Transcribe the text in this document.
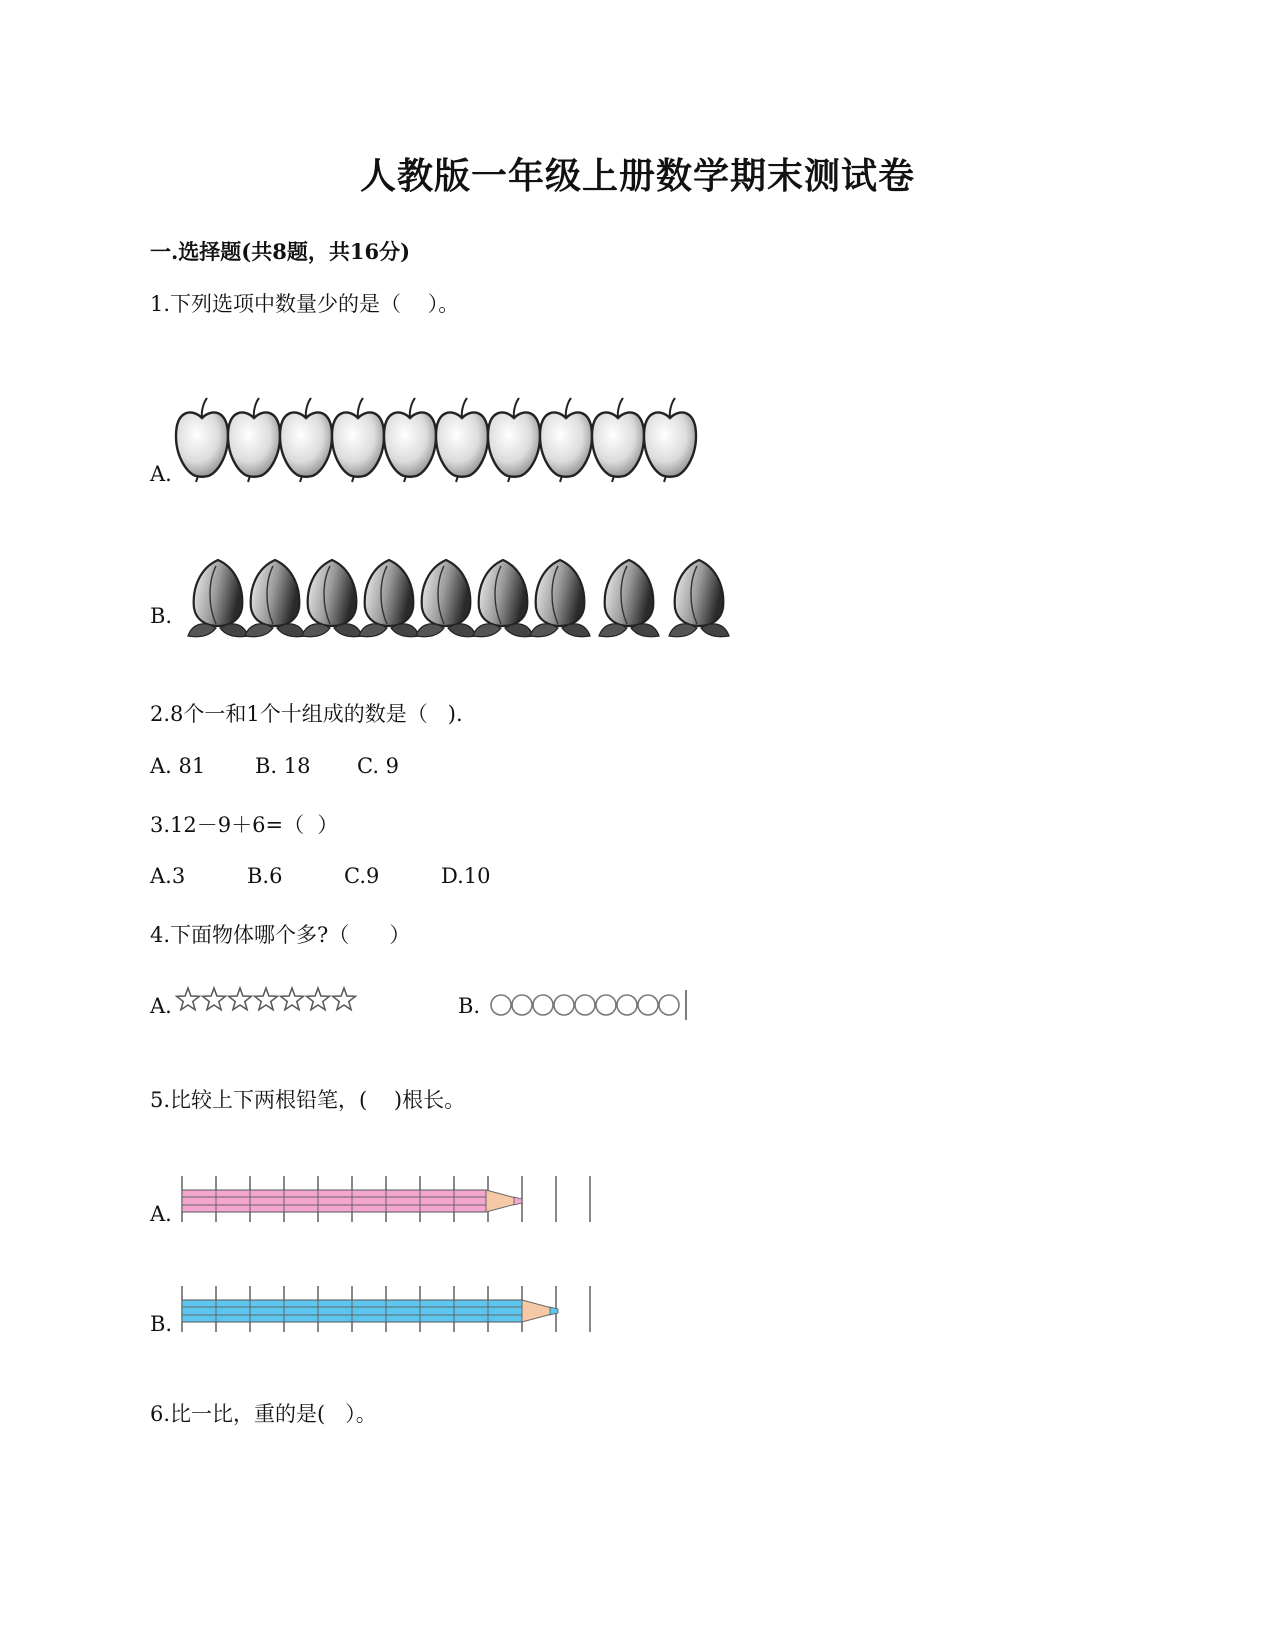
人教版一年级上册数学期末测试卷
一.选择题(共8题，共16分)
1.下列选项中数量少的是（    ）。
A.
B.
2.8个一和1个十组成的数是（   ).
A. 81 B. 18 C. 9
3.12－9＋6=（  ）
A.3	B.6	C.9	D.10
4.下面物体哪个多?（      ）
A.	B.
5.比较上下两根铅笔，(    )根长。
A.
B.
6.比一比，重的是(   ）。
